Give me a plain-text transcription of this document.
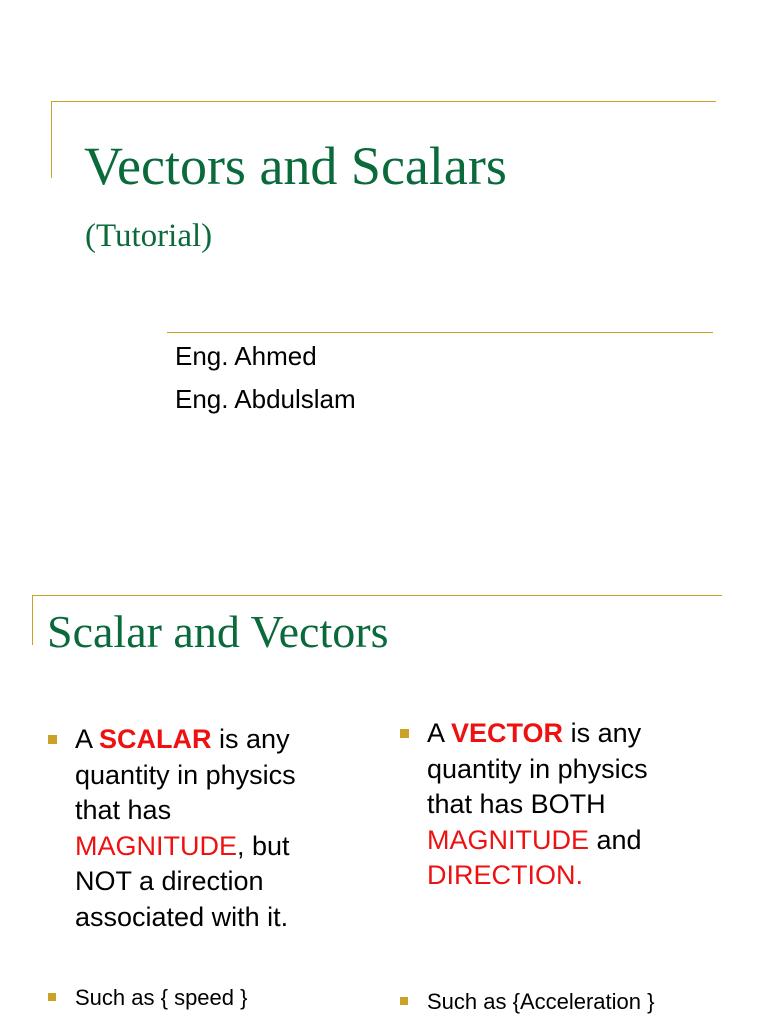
Vectors and Scalars
(Tutorial)
Eng. Ahmed
Eng. Abdulslam
Scalar and Vectors
A SCALAR is any
quantity in physics
that has
MAGNITUDE, but
NOT a direction
associated with it.
A VECTOR is any
quantity in physics
that has BOTH
MAGNITUDE and
DIRECTION.
Such as { speed }	Such as {Acceleration }
